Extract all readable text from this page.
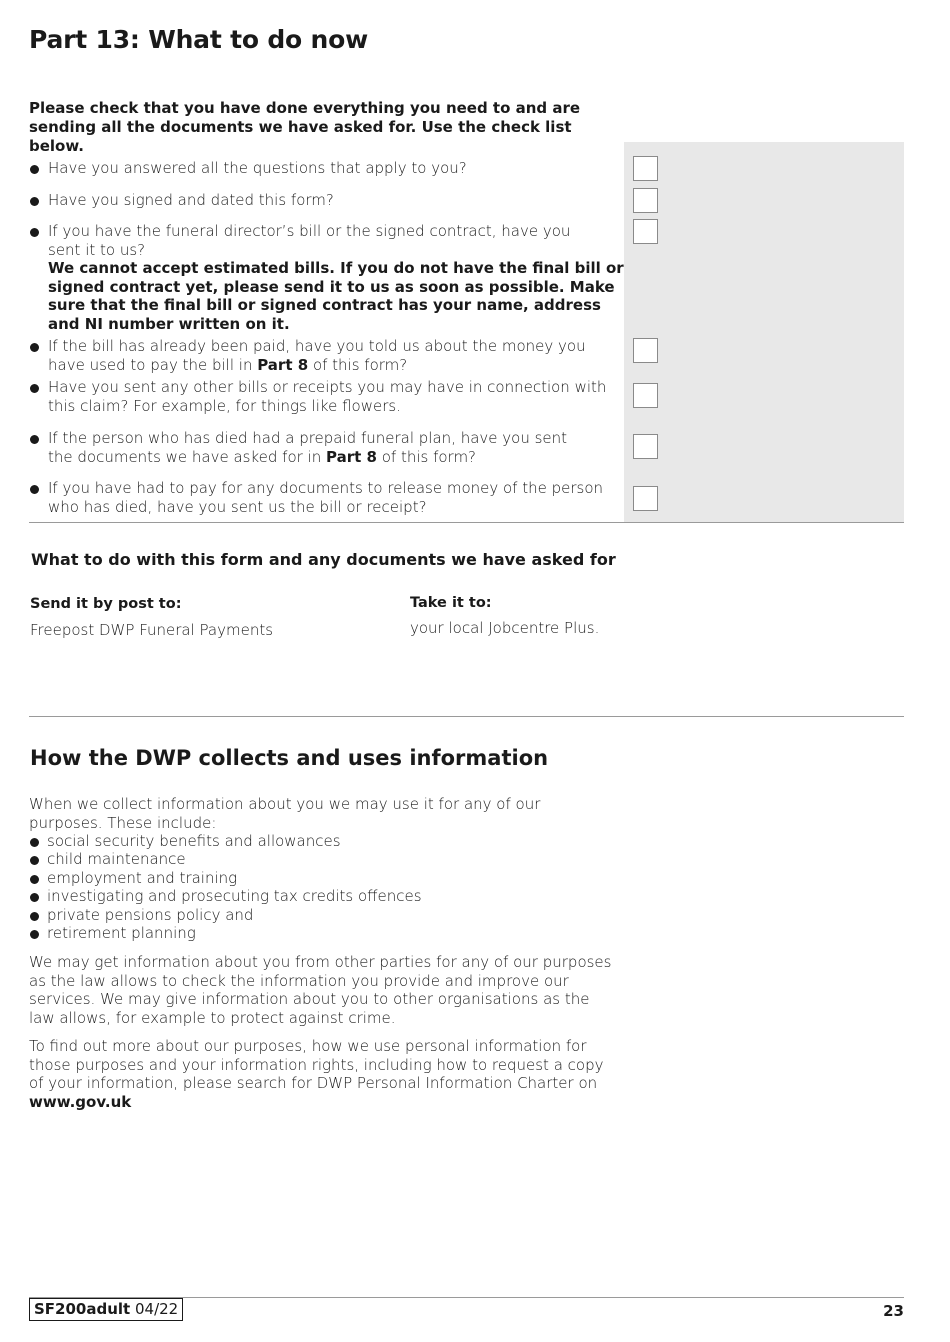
Part 13: What to do now
Please check that you have done everything you need to and are sending all the documents we have asked for. Use the check list below.
Have you answered all the questions that apply to you?
Have you signed and dated this form?
If you have the funeral director’s bill or the signed contract, have you sent it to us?
We cannot accept estimated bills. If you do not have the final bill or signed contract yet, please send it to us as soon as possible. Make sure that the final bill or signed contract has your name, address and NI number written on it.
If the bill has already been paid, have you told us about the money you have used to pay the bill in Part 8 of this form?
Have you sent any other bills or receipts you may have in connection with this claim? For example, for things like flowers.
If the person who has died had a prepaid funeral plan, have you sent the documents we have asked for in Part 8 of this form?
If you have had to pay for any documents to release money of the person who has died, have you sent us the bill or receipt?
What to do with this form and any documents we have asked for
Send it by post to:
Freepost DWP Funeral Payments
Take it to:
your local Jobcentre Plus.
How the DWP collects and uses information
When we collect information about you we may use it for any of our purposes. These include:
social security benefits and allowances
child maintenance
employment and training
investigating and prosecuting tax credits offences
private pensions policy and
retirement planning
We may get information about you from other parties for any of our purposes as the law allows to check the information you provide and improve our services. We may give information about you to other organisations as the law allows, for example to protect against crime.
To find out more about our purposes, how we use personal information for those purposes and your information rights, including how to request a copy of your information, please search for DWP Personal Information Charter on www.gov.uk
SF200adult 04/22	23
